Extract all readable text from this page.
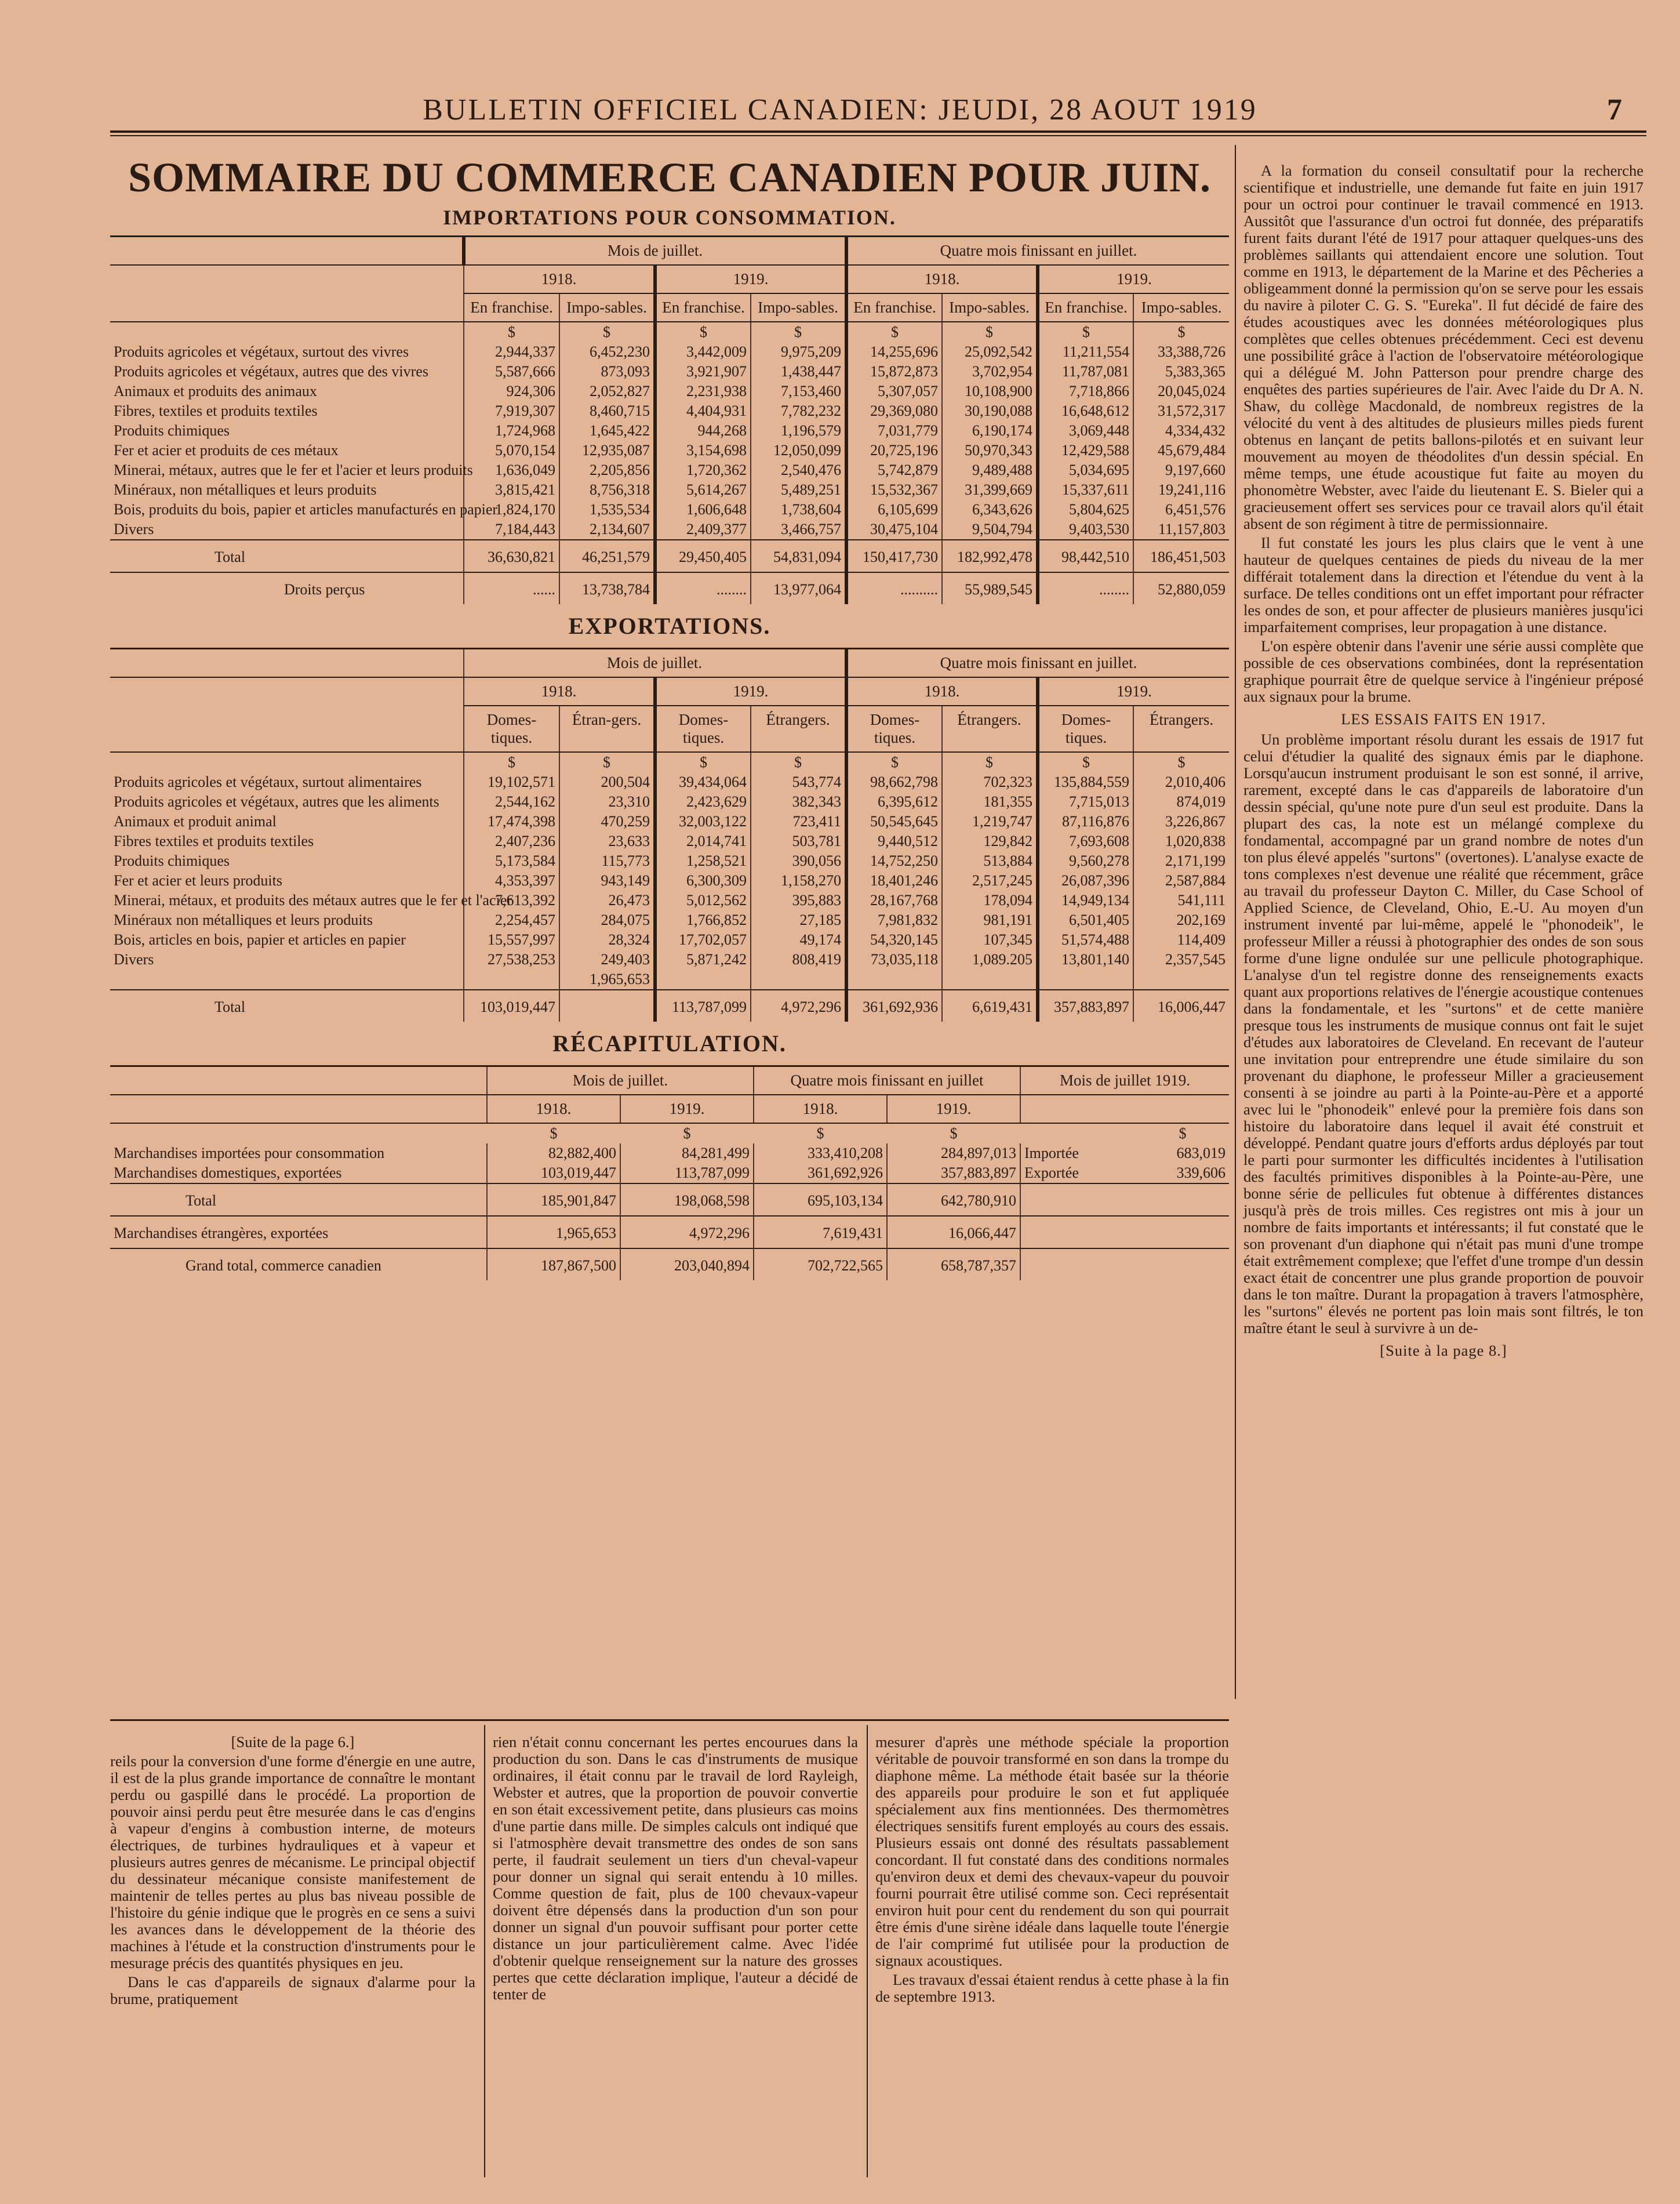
BULLETIN OFFICIEL CANADIEN: JEUDI, 28 AOUT 1919	7
SOMMAIRE DU COMMERCE CANADIEN POUR JUIN.
IMPORTATIONS POUR CONSOMMATION.
	Mois de juillet.				Quatre mois finissant en juillet.			
	1918.		1919.		1918.		1919.	
	En franchise.	Impo-sables.	En franchise.	Impo-sables.	En franchise.	Impo-sables.	En franchise.	Impo-sables.
	$	$	$	$	$	$	$	$
Produits agricoles et végétaux, surtout des vivres	2,944,337	6,452,230	3,442,009	9,975,209	14,255,696	25,092,542	11,211,554	33,388,726
Produits agricoles et végétaux, autres que des vivres	5,587,666	873,093	3,921,907	1,438,447	15,872,873	3,702,954	11,787,081	5,383,365
Animaux et produits des animaux	924,306	2,052,827	2,231,938	7,153,460	5,307,057	10,108,900	7,718,866	20,045,024
Fibres, textiles et produits textiles	7,919,307	8,460,715	4,404,931	7,782,232	29,369,080	30,190,088	16,648,612	31,572,317
Produits chimiques	1,724,968	1,645,422	944,268	1,196,579	7,031,779	6,190,174	3,069,448	4,334,432
Fer et acier et produits de ces métaux	5,070,154	12,935,087	3,154,698	12,050,099	20,725,196	50,970,343	12,429,588	45,679,484
Minerai, métaux, autres que le fer et l'acier et leurs produits	1,636,049	2,205,856	1,720,362	2,540,476	5,742,879	9,489,488	5,034,695	9,197,660
Minéraux, non métalliques et leurs produits	3,815,421	8,756,318	5,614,267	5,489,251	15,532,367	31,399,669	15,337,611	19,241,116
Bois, produits du bois, papier et articles manufacturés en papier	1,824,170	1,535,534	1,606,648	1,738,604	6,105,699	6,343,626	5,804,625	6,451,576
Divers	7,184,443	2,134,607	2,409,377	3,466,757	30,475,104	9,504,794	9,403,530	11,157,803
Total	36,630,821	46,251,579	29,450,405	54,831,094	150,417,730	182,992,478	98,442,510	186,451,503
Droits perçus	......	13,738,784	........	13,977,064	..........	55,989,545	........	52,880,059
EXPORTATIONS.
	Mois de juillet.				Quatre mois finissant en juillet.			
	1918.		1919.		1918.		1919.	
	Domes-tiques.	Étran-gers.	Domes-tiques.	Étrangers.	Domes-tiques.	Étrangers.	Domes-tiques.	Étrangers.
	$	$	$	$	$	$	$	$
Produits agricoles et végétaux, surtout alimentaires	19,102,571	200,504	39,434,064	543,774	98,662,798	702,323	135,884,559	2,010,406
Produits agricoles et végétaux, autres que les aliments	2,544,162	23,310	2,423,629	382,343	6,395,612	181,355	7,715,013	874,019
Animaux et produit animal	17,474,398	470,259	32,003,122	723,411	50,545,645	1,219,747	87,116,876	3,226,867
Fibres textiles et produits textiles	2,407,236	23,633	2,014,741	503,781	9,440,512	129,842	7,693,608	1,020,838
Produits chimiques	5,173,584	115,773	1,258,521	390,056	14,752,250	513,884	9,560,278	2,171,199
Fer et acier et leurs produits	4,353,397	943,149	6,300,309	1,158,270	18,401,246	2,517,245	26,087,396	2,587,884
Minerai, métaux, et produits des métaux autres que le fer et l'acier	7,613,392	26,473	5,012,562	395,883	28,167,768	178,094	14,949,134	541,111
Minéraux non métalliques et leurs produits	2,254,457	284,075	1,766,852	27,185	7,981,832	981,191	6,501,405	202,169
Bois, articles en bois, papier et articles en papier	15,557,997	28,324	17,702,057	49,174	54,320,145	107,345	51,574,488	114,409
Divers	27,538,253	249,403	5,871,242	808,419	73,035,118	1,089.205	13,801,140	2,357,545
		1,965,653						
Total	103,019,447		113,787,099	4,972,296	361,692,936	6,619,431	357,883,897	16,006,447
RÉCAPITULATION.
	Mois de juillet.		Quatre mois finissant en juillet		Mois de juillet 1919.	
	1918.	1919.	1918.	1919.		
	$	$	$	$		$
Marchandises importées pour consommation	82,882,400	84,281,499	333,410,208	284,897,013	Importée	683,019
Marchandises domestiques, exportées	103,019,447	113,787,099	361,692,926	357,883,897	Exportée	339,606
Total	185,901,847	198,068,598	695,103,134	642,780,910		
Marchandises étrangères, exportées	1,965,653	4,972,296	7,619,431	16,066,447		
Grand total, commerce canadien	187,867,500	203,040,894	702,722,565	658,787,357		

A la formation du conseil consultatif pour la recherche scientifique et industrielle, une demande fut faite en juin 1917 pour un octroi pour continuer le travail commencé en 1913. Aussitôt que l'assurance d'un octroi fut donnée, des préparatifs furent faits durant l'été de 1917 pour attaquer quelques-uns des problèmes saillants qui attendaient encore une solution. Tout comme en 1913, le département de la Marine et des Pêcheries a obligeamment donné la permission qu'on se serve pour les essais du navire à piloter C. G. S. "Eureka". Il fut décidé de faire des études acoustiques avec les données météorologiques plus complètes que celles obtenues précédemment. Ceci est devenu une possibilité grâce à l'action de l'observatoire météorologique qui a délégué M. John Patterson pour prendre charge des enquêtes des parties supérieures de l'air. Avec l'aide du Dr A. N. Shaw, du collège Macdonald, de nombreux registres de la vélocité du vent à des altitudes de plusieurs milles pieds furent obtenus en lançant de petits ballons-pilotés et en suivant leur mouvement au moyen de théodolites d'un dessin spécial. En même temps, une étude acoustique fut faite au moyen du phonomètre Webster, avec l'aide du lieutenant E. S. Bieler qui a gracieusement offert ses services pour ce travail alors qu'il était absent de son régiment à titre de permissionnaire.

Il fut constaté les jours les plus clairs que le vent à une hauteur de quelques centaines de pieds du niveau de la mer différait totalement dans la direction et l'étendue du vent à la surface. De telles conditions ont un effet important pour réfracter les ondes de son, et pour affecter de plusieurs manières jusqu'ici imparfaitement comprises, leur propagation à une distance.

L'on espère obtenir dans l'avenir une série aussi complète que possible de ces observations combinées, dont la représentation graphique pourrait être de quelque service à l'ingénieur préposé aux signaux pour la brume.

LES ESSAIS FAITS EN 1917.

Un problème important résolu durant les essais de 1917 fut celui d'étudier la qualité des signaux émis par le diaphone. Lorsqu'aucun instrument produisant le son est sonné, il arrive, rarement, excepté dans le cas d'appareils de laboratoire d'un dessin spécial, qu'une note pure d'un seul est produite. Dans la plupart des cas, la note est un mélangé complexe du fondamental, accompagné par un grand nombre de notes d'un ton plus élevé appelés "surtons" (overtones). L'analyse exacte de tons complexes n'est devenue une réalité que récemment, grâce au travail du professeur Dayton C. Miller, du Case School of Applied Science, de Cleveland, Ohio, E.-U. Au moyen d'un instrument inventé par lui-même, appelé le "phonodeik", le professeur Miller a réussi à photographier des ondes de son sous forme d'une ligne ondulée sur une pellicule photographique. L'analyse d'un tel registre donne des renseignements exacts quant aux proportions relatives de l'énergie acoustique contenues dans la fondamentale, et les "surtons" et de cette manière presque tous les instruments de musique connus ont fait le sujet d'études aux laboratoires de Cleveland. En recevant de l'auteur une invitation pour entreprendre une étude similaire du son provenant du diaphone, le professeur Miller a gracieusement consenti à se joindre au parti à la Pointe-au-Père et a apporté avec lui le "phonodeik" enlevé pour la première fois dans son histoire du laboratoire dans lequel il avait été construit et développé. Pendant quatre jours d'efforts ardus déployés par tout le parti pour surmonter les difficultés incidentes à l'utilisation des facultés primitives disponibles à la Pointe-au-Père, une bonne série de pellicules fut obtenue à différentes distances jusqu'à près de trois milles. Ces registres ont mis à jour un nombre de faits importants et intéressants; il fut constaté que le son provenant d'un diaphone qui n'était pas muni d'une trompe était extrêmement complexe; que l'effet d'une trompe d'un dessin exact était de concentrer une plus grande proportion de pouvoir dans le ton maître. Durant la propagation à travers l'atmosphère, les "surtons" élevés ne portent pas loin mais sont filtrés, le ton maître étant le seul à survivre à un de-

[Suite à la page 8.]

[Suite de la page 6.]

reils pour la conversion d'une forme d'énergie en une autre, il est de la plus grande importance de connaître le montant perdu ou gaspillé dans le procédé. La proportion de pouvoir ainsi perdu peut être mesurée dans le cas d'engins à vapeur d'engins à combustion interne, de moteurs électriques, de turbines hydrauliques et à vapeur et plusieurs autres genres de mécanisme. Le principal objectif du dessinateur mécanique consiste manifestement de maintenir de telles pertes au plus bas niveau possible de l'histoire du génie indique que le progrès en ce sens a suivi les avances dans le développement de la théorie des machines à l'étude et la construction d'instruments pour le mesurage précis des quantités physiques en jeu.

Dans le cas d'appareils de signaux d'alarme pour la brume, pratiquement

rien n'était connu concernant les pertes encourues dans la production du son. Dans le cas d'instruments de musique ordinaires, il était connu par le travail de lord Rayleigh, Webster et autres, que la proportion de pouvoir convertie en son était excessivement petite, dans plusieurs cas moins d'une partie dans mille. De simples calculs ont indiqué que si l'atmosphère devait transmettre des ondes de son sans perte, il faudrait seulement un tiers d'un cheval-vapeur pour donner un signal qui serait entendu à 10 milles. Comme question de fait, plus de 100 chevaux-vapeur doivent être dépensés dans la production d'un son pour donner un signal d'un pouvoir suffisant pour porter cette distance un jour particulièrement calme. Avec l'idée d'obtenir quelque renseignement sur la nature des grosses pertes que cette déclaration implique, l'auteur a décidé de tenter de

mesurer d'après une méthode spéciale la proportion véritable de pouvoir transformé en son dans la trompe du diaphone même. La méthode était basée sur la théorie des appareils pour produire le son et fut appliquée spécialement aux fins mentionnées. Des thermomètres électriques sensitifs furent employés au cours des essais. Plusieurs essais ont donné des résultats passablement concordant. Il fut constaté dans des conditions normales qu'environ deux et demi des chevaux-vapeur du pouvoir fourni pourrait être utilisé comme son. Ceci représentait environ huit pour cent du rendement du son qui pourrait être émis d'une sirène idéale dans laquelle toute l'énergie de l'air comprimé fut utilisée pour la production de signaux acoustiques.

Les travaux d'essai étaient rendus à cette phase à la fin de septembre 1913.
